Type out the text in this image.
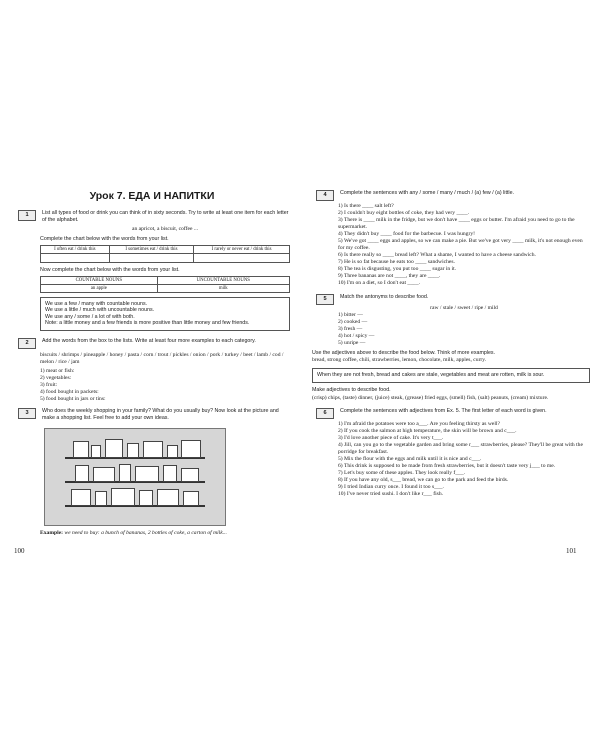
Урок 7. ЕДА И НАПИТКИ
1	List all types of food or drink you can think of in sixty seconds. Try to write at least one item for each letter of the alphabet.
an apricot, a biscuit, coffee ...
Complete the chart below with the words from your list.
I often eat / drink this	I sometimes eat / drink this	I rarely or never eat / drink this

Now complete the chart below with the words from your list.
COUNTABLE NOUNS	UNCOUNTABLE NOUNS
an apple	milk
We use a few / many with countable nouns.
We use a little / much with uncountable nouns.
We use any / some / a lot of with both.
Note: a little money and a few friends is more positive than little money and few friends.
2	Add the words from the box to the lists. Write at least four more examples to each category.
biscuits / shrimps / pineapple / honey / pasta / corn / trout / pickles / onion / pork / turkey / beet / lamb / cod / melon / rice / jam
1) meat or fish:
2) vegetables:
3) fruit:
4) food bought in packets:
5) food bought in jars or tins:
3	Who does the weekly shopping in your family? What do you usually buy? Now look at the picture and make a shopping list. Feel free to add your own ideas.
Example: we need to buy: a bunch of bananas, 2 bottles of coke, a carton of milk...
100
4	Complete the sentences with any / some / many / much / (a) few / (a) little.
1) Is there ____ salt left?
2) I couldn't buy eight bottles of coke, they had very ____.
3) There is ____ milk in the fridge, but we don't have ____ eggs or butter. I'm afraid you need to go to the supermarket.
4) They didn't buy ____ food for the barbecue. I was hungry!
5) We've got ____ eggs and apples, so we can make a pie. But we've got very ____ milk, it's not enough even for my coffee.
6) Is there really so ____ bread left? What a shame, I wanted to have a cheese sandwich.
7) He is so fat because he eats too ____ sandwiches.
8) The tea is disgusting, you put too ____ sugar in it.
9) Three bananas are not ____, they are ____.
10) I'm on a diet, so I don't eat ____.
5	Match the antonyms to describe food.
raw / stale / sweet / ripe / mild
1) bitter —
2) cooked —
3) fresh —
4) hot / spicy —
5) unripe —
Use the adjectives above to describe the food below. Think of more examples.
bread, strong coffee, chili, strawberries, lemon, chocolate, milk, apples, curry.
When they are not fresh, bread and cakes are stale, vegetables and meat are rotten, milk is sour.
Make adjectives to describe food.
(crisp) chips, (taste) dinner, (juice) steak, (grease) fried eggs, (smell) fish, (salt) peanuts, (cream) mixture.
6	Complete the sentences with adjectives from Ex. 5. The first letter of each word is given.
1) I'm afraid the potatoes were too a___. Are you feeling thirsty as well?
2) If you cook the salmon at high temperature, the skin will be brown and c___.
3) I'd love another piece of cake. It's very t___.
4) Jill, can you go to the vegetable garden and bring some r___ strawberries, please? They'll be great with the porridge for breakfast.
5) Mix the flour with the eggs and milk until it is nice and c___.
6) This drink is supposed to be made from fresh strawberries, but it doesn't taste very j___ to me.
7) Let's buy some of these apples. They look really f___.
8) If you have any old, s___ bread, we can go to the park and feed the birds.
9) I tried Indian curry once. I found it too s___.
10) I've never tried sushi. I don't like r___ fish.
101
